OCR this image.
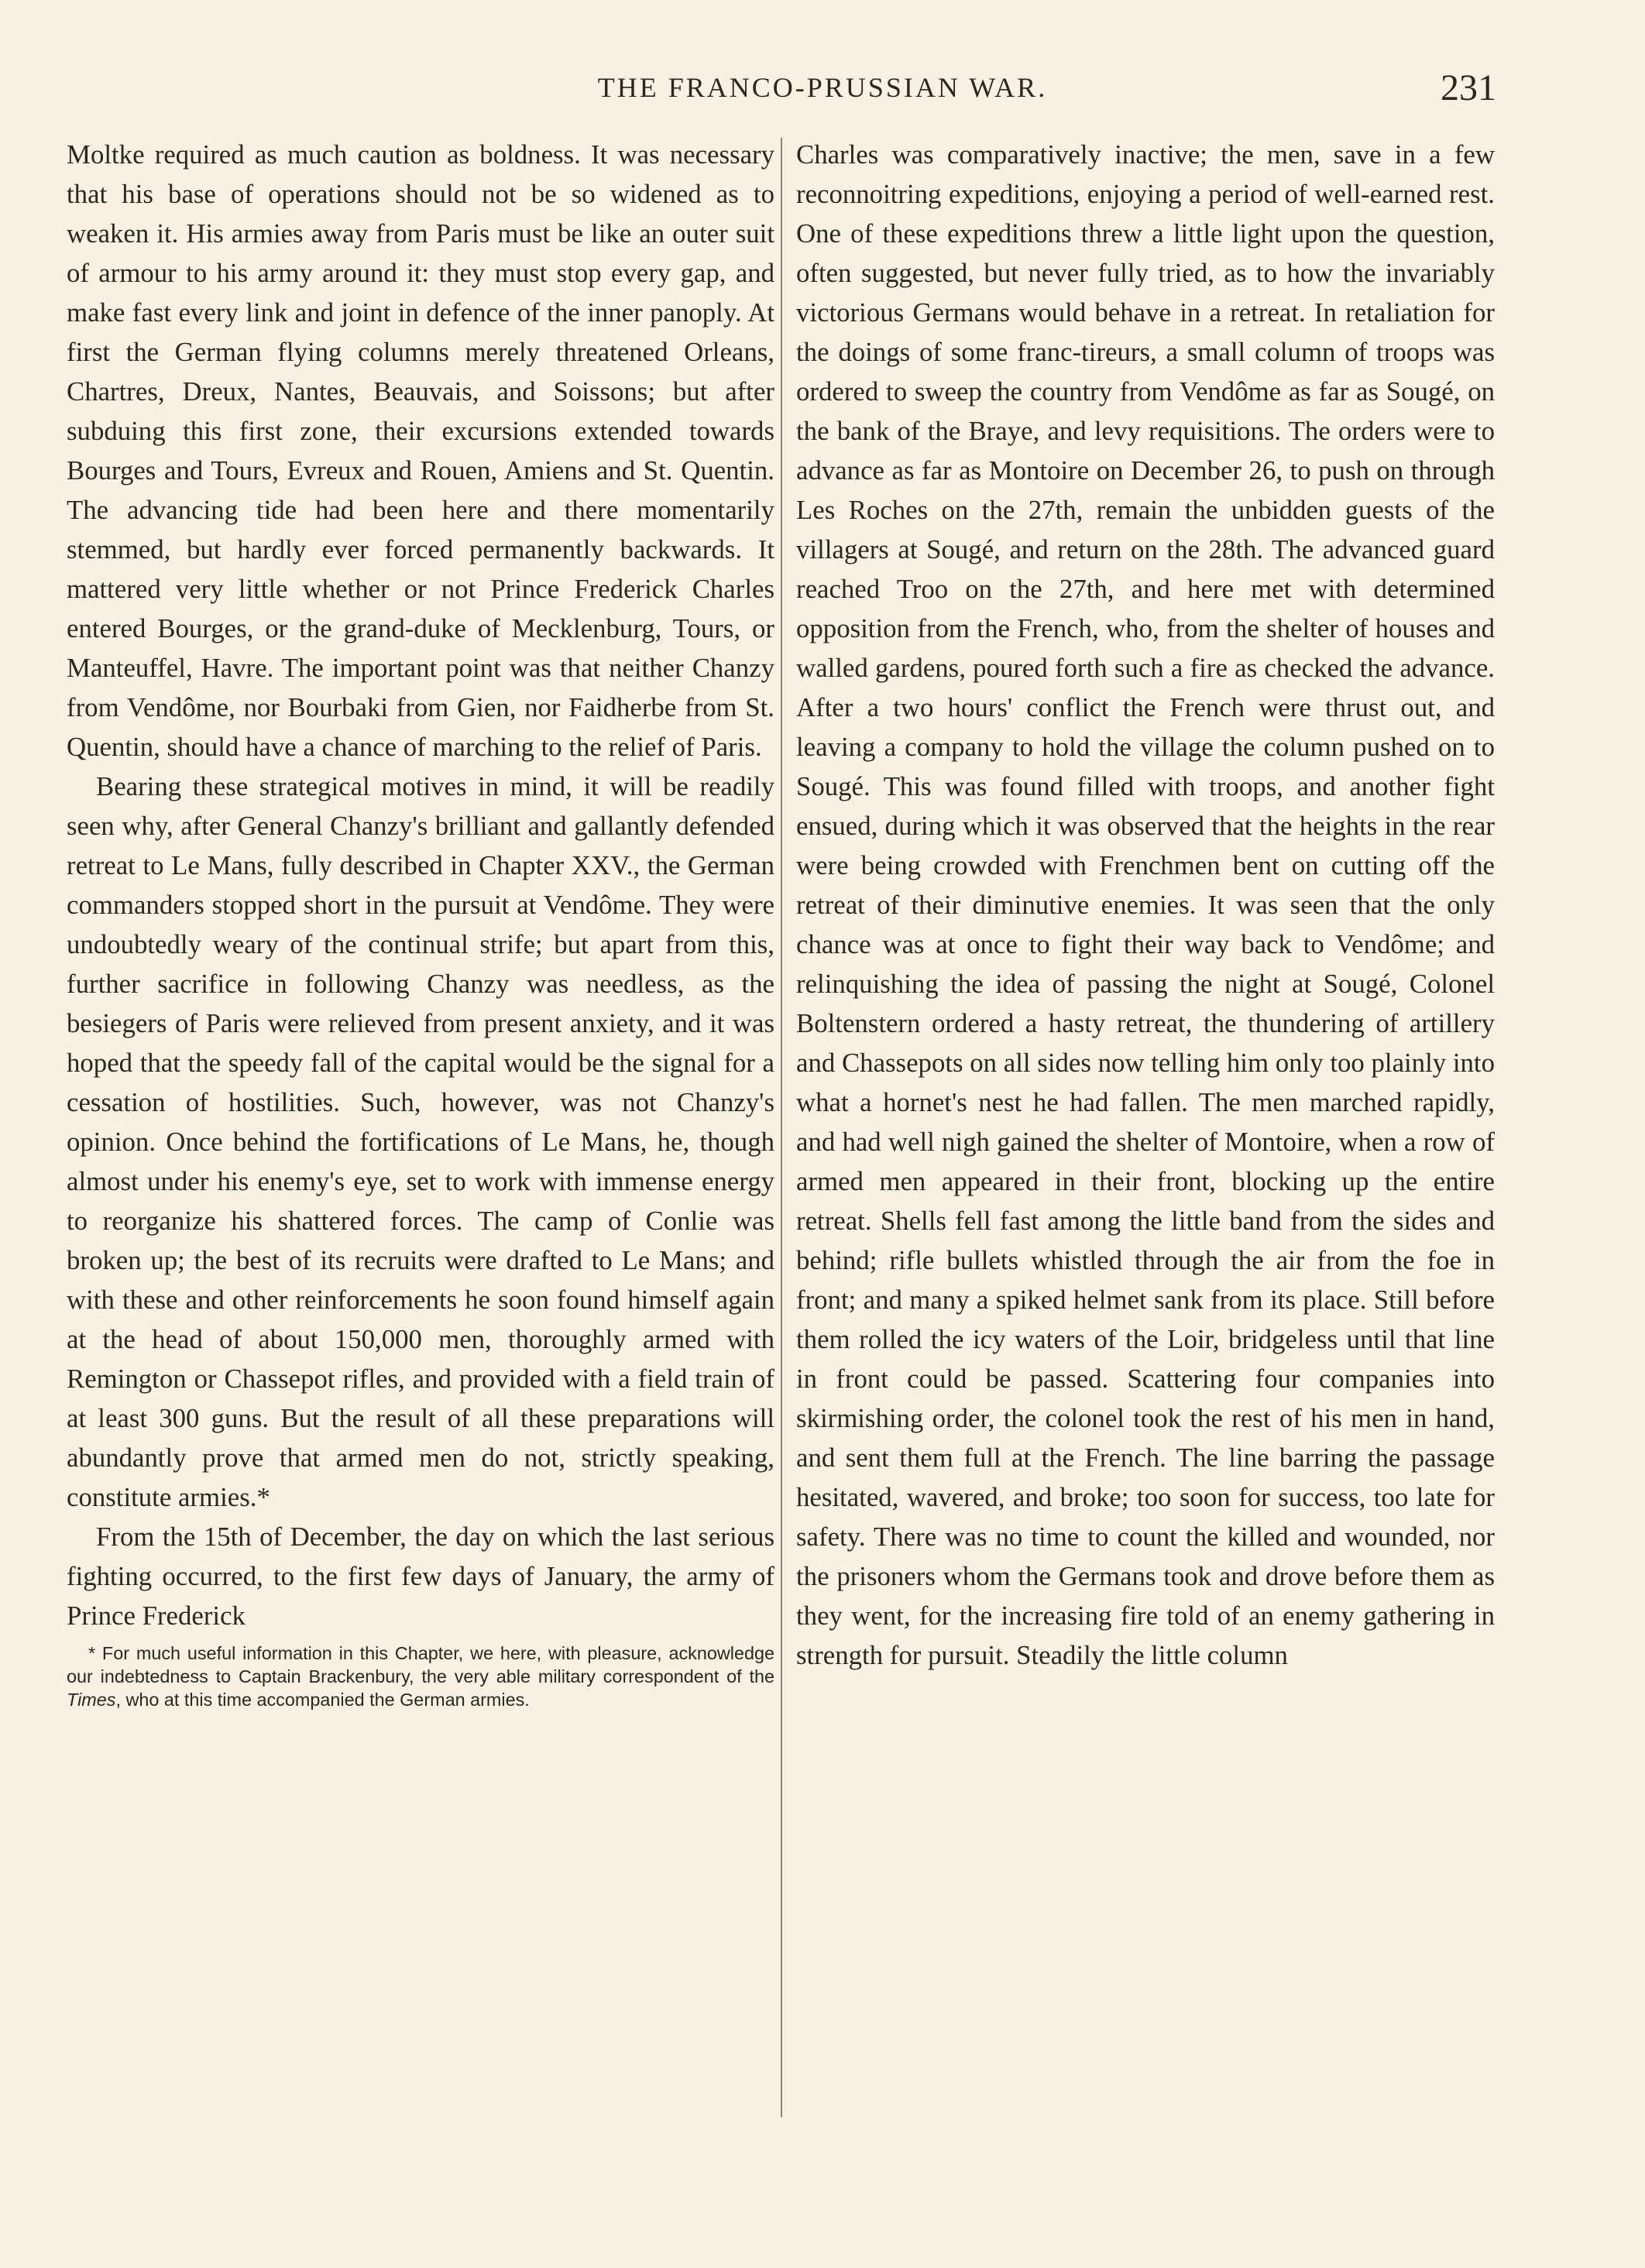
THE FRANCO-PRUSSIAN WAR.	231

Moltke required as much caution as boldness. It was necessary that his base of operations should not be so widened as to weaken it. His armies away from Paris must be like an outer suit of armour to his army around it: they must stop every gap, and make fast every link and joint in defence of the inner panoply. At first the German flying columns merely threatened Orleans, Chartres, Dreux, Nantes, Beauvais, and Soissons; but after subduing this first zone, their excursions extended towards Bourges and Tours, Evreux and Rouen, Amiens and St. Quentin. The advancing tide had been here and there momentarily stemmed, but hardly ever forced permanently backwards. It mattered very little whether or not Prince Frederick Charles entered Bourges, or the grand-duke of Mecklenburg, Tours, or Manteuffel, Havre. The important point was that neither Chanzy from Vendôme, nor Bourbaki from Gien, nor Faidherbe from St. Quentin, should have a chance of marching to the relief of Paris.

Bearing these strategical motives in mind, it will be readily seen why, after General Chanzy's brilliant and gallantly defended retreat to Le Mans, fully described in Chapter XXV., the German commanders stopped short in the pursuit at Vendôme. They were undoubtedly weary of the continual strife; but apart from this, further sacrifice in following Chanzy was needless, as the besiegers of Paris were relieved from present anxiety, and it was hoped that the speedy fall of the capital would be the signal for a cessation of hostilities. Such, however, was not Chanzy's opinion. Once behind the fortifications of Le Mans, he, though almost under his enemy's eye, set to work with immense energy to reorganize his shattered forces. The camp of Conlie was broken up; the best of its recruits were drafted to Le Mans; and with these and other reinforcements he soon found himself again at the head of about 150,000 men, thoroughly armed with Remington or Chassepot rifles, and provided with a field train of at least 300 guns. But the result of all these preparations will abundantly prove that armed men do not, strictly speaking, constitute armies.*

From the 15th of December, the day on which the last serious fighting occurred, to the first few days of January, the army of Prince Frederick

* For much useful information in this Chapter, we here, with pleasure, acknowledge our indebtedness to Captain Brackenbury, the very able military correspondent of the Times, who at this time accompanied the German armies.

Charles was comparatively inactive; the men, save in a few reconnoitring expeditions, enjoying a period of well-earned rest. One of these expeditions threw a little light upon the question, often suggested, but never fully tried, as to how the invariably victorious Germans would behave in a retreat. In retaliation for the doings of some franc-tireurs, a small column of troops was ordered to sweep the country from Vendôme as far as Sougé, on the bank of the Braye, and levy requisitions. The orders were to advance as far as Montoire on December 26, to push on through Les Roches on the 27th, remain the unbidden guests of the villagers at Sougé, and return on the 28th. The advanced guard reached Troo on the 27th, and here met with determined opposition from the French, who, from the shelter of houses and walled gardens, poured forth such a fire as checked the advance. After a two hours' conflict the French were thrust out, and leaving a company to hold the village the column pushed on to Sougé. This was found filled with troops, and another fight ensued, during which it was observed that the heights in the rear were being crowded with Frenchmen bent on cutting off the retreat of their diminutive enemies. It was seen that the only chance was at once to fight their way back to Vendôme; and relinquishing the idea of passing the night at Sougé, Colonel Boltenstern ordered a hasty retreat, the thundering of artillery and Chassepots on all sides now telling him only too plainly into what a hornet's nest he had fallen. The men marched rapidly, and had well nigh gained the shelter of Montoire, when a row of armed men appeared in their front, blocking up the entire retreat. Shells fell fast among the little band from the sides and behind; rifle bullets whistled through the air from the foe in front; and many a spiked helmet sank from its place. Still before them rolled the icy waters of the Loir, bridgeless until that line in front could be passed. Scattering four companies into skirmishing order, the colonel took the rest of his men in hand, and sent them full at the French. The line barring the passage hesitated, wavered, and broke; too soon for success, too late for safety. There was no time to count the killed and wounded, nor the prisoners whom the Germans took and drove before them as they went, for the increasing fire told of an enemy gathering in strength for pursuit. Steadily the little column
